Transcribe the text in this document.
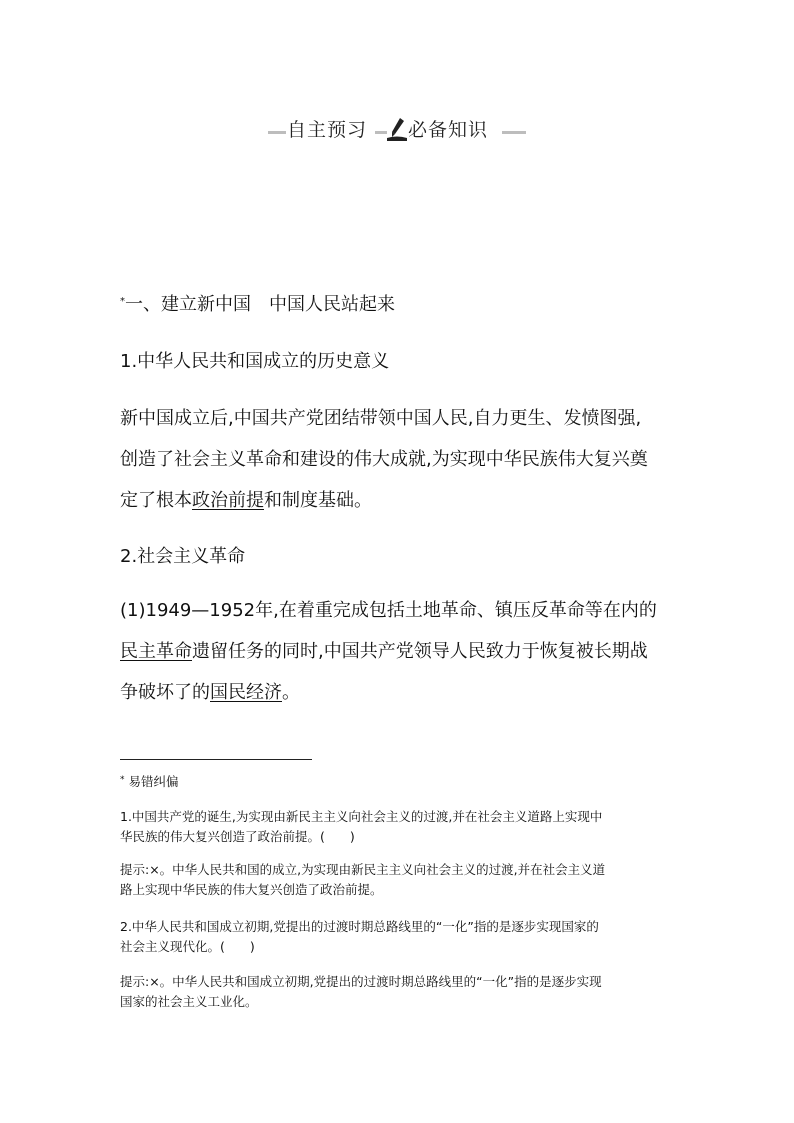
自主预习 必备知识
*一、建立新中国　中国人民站起来
1.中华人民共和国成立的历史意义
新中国成立后,中国共产党团结带领中国人民,自力更生、发愤图强,
创造了社会主义革命和建设的伟大成就,为实现中华民族伟大复兴奠
定了根本政治前提和制度基础。
2.社会主义革命
(1)1949—1952年,在着重完成包括土地革命、镇压反革命等在内的
民主革命遗留任务的同时,中国共产党领导人民致力于恢复被长期战
争破坏了的国民经济。
* 易错纠偏
1.中国共产党的诞生,为实现由新民主主义向社会主义的过渡,并在社会主义道路上实现中
华民族的伟大复兴创造了政治前提。(　　)
提示:×。中华人民共和国的成立,为实现由新民主主义向社会主义的过渡,并在社会主义道
路上实现中华民族的伟大复兴创造了政治前提。
2.中华人民共和国成立初期,党提出的过渡时期总路线里的“一化”指的是逐步实现国家的
社会主义现代化。(　　)
提示:×。中华人民共和国成立初期,党提出的过渡时期总路线里的“一化”指的是逐步实现
国家的社会主义工业化。
